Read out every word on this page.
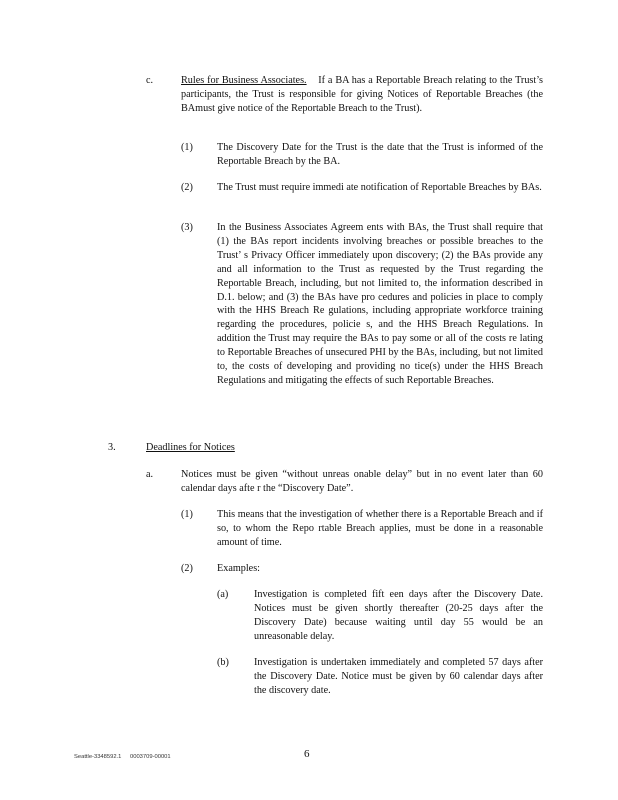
c.	Rules for Business Associates. If a BA has a Reportable Breach relating to the Trust’s participants, the Trust is responsible for giving Notices of Reportable Breaches (the BAmust give notice of the Reportable Breach to the Trust).
(1) The Discovery Date for the Trust is the date that the Trust is informed of the Reportable Breach by the BA.
(2) The Trust must require immedi ate notification of Reportable Breaches by BAs.
(3) In the Business Associates Agreem ents with BAs, the Trust shall require that (1) the BAs report incidents involving breaches or possible breaches to the Trust’ s Privacy Officer immediately upon discovery; (2) the BAs provide any and all information to the Trust as requested by the Trust regarding the Reportable Breach, including, but not limited to, the information described in D.1. below; and (3) the BAs have pro cedures and policies in place to comply with the HHS Breach Re gulations, including appropriate workforce training regarding the procedures, policie s, and the HHS Breach Regulations. In addition the Trust may require the BAs to pay some or all of the costs re lating to Reportable Breaches of unsecured PHI by the BAs, including, but not limited to, the costs of developing and providing no tice(s) under the HHS Breach Regulations and mitigating the effects of such Reportable Breaches.
3.	Deadlines for Notices
a.	Notices must be given “without unreas onable delay” but in no event later than 60 calendar days afte r the “Discovery Date”.
(1) This means that the investigation of whether there is a Reportable Breach and if so, to whom the Repo rtable Breach applies, must be done in a reasonable amount of time.
(2) Examples:
(a)	Investigation is completed fift een days after the Discovery Date. Notices must be given shortly thereafter (20-25 days after the Discovery Date) because waiting until day 55 would be an unreasonable delay.
(b) Investigation is undertaken immediately and completed 57 days after the Discovery Date. Notice must be given by 60 calendar days after the discovery date.
Seattle-3348592.1 0003709-00001	6
